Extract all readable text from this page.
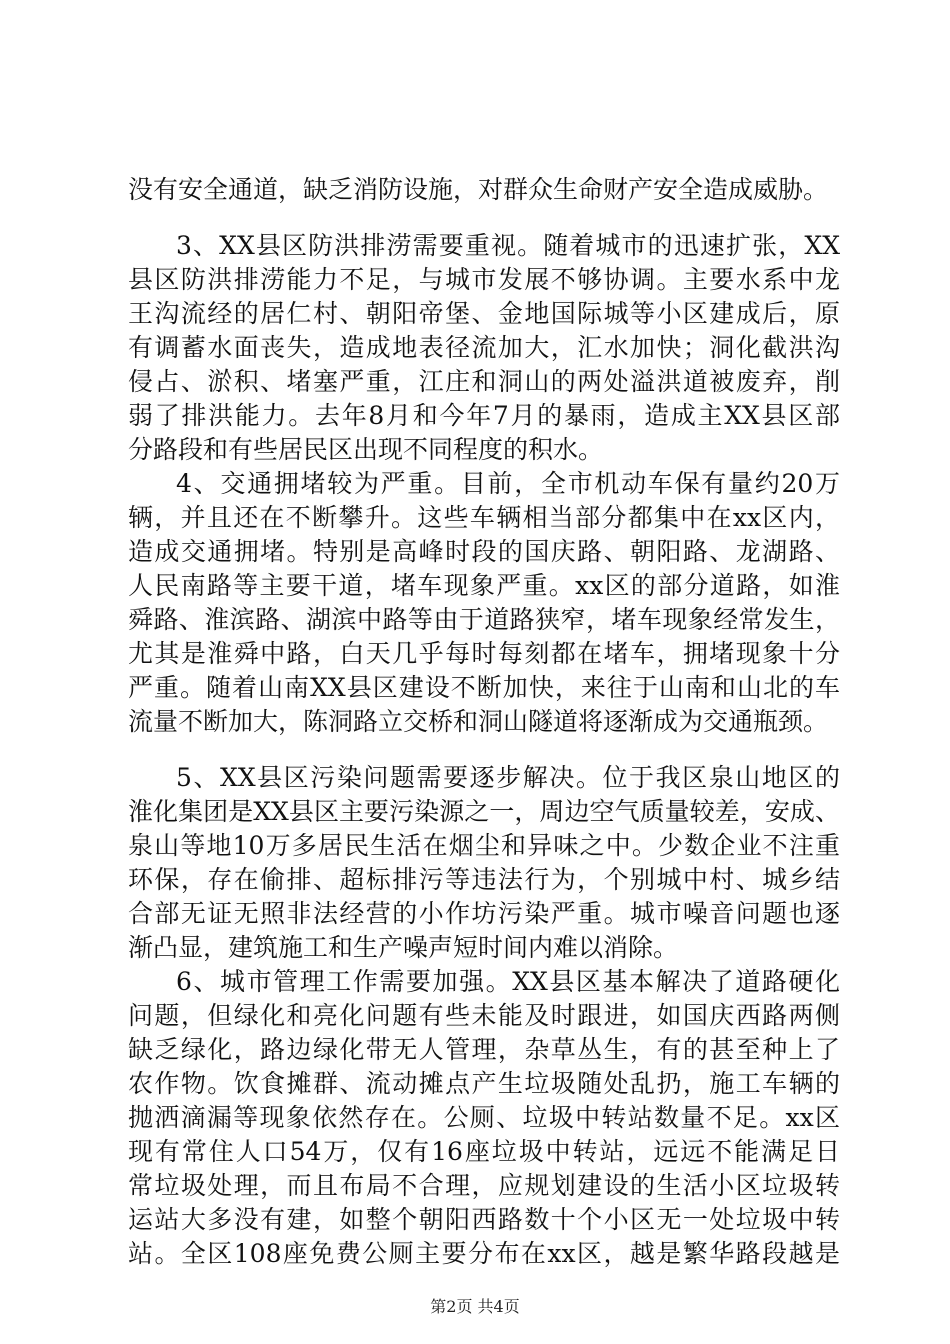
没有安全通道，缺乏消防设施，对群众生命财产安全造成威胁。
3、XX县区防洪排涝需要重视。随着城市的迅速扩张，XX
县区防洪排涝能力不足，与城市发展不够协调。主要水系中龙
王沟流经的居仁村、朝阳帝堡、金地国际城等小区建成后，原
有调蓄水面丧失，造成地表径流加大，汇水加快；洞化截洪沟
侵占、淤积、堵塞严重，江庄和洞山的两处溢洪道被废弃，削
弱了排洪能力。去年8月和今年7月的暴雨，造成主XX县区部
分路段和有些居民区出现不同程度的积水。
4、交通拥堵较为严重。目前，全市机动车保有量约20万
辆，并且还在不断攀升。这些车辆相当部分都集中在xx区内，
造成交通拥堵。特别是高峰时段的国庆路、朝阳路、龙湖路、
人民南路等主要干道，堵车现象严重。xx区的部分道路，如淮
舜路、淮滨路、湖滨中路等由于道路狭窄，堵车现象经常发生，
尤其是淮舜中路，白天几乎每时每刻都在堵车，拥堵现象十分
严重。随着山南XX县区建设不断加快，来往于山南和山北的车
流量不断加大，陈洞路立交桥和洞山隧道将逐渐成为交通瓶颈。
5、XX县区污染问题需要逐步解决。位于我区泉山地区的
淮化集团是XX县区主要污染源之一，周边空气质量较差，安成、
泉山等地10万多居民生活在烟尘和异味之中。少数企业不注重
环保，存在偷排、超标排污等违法行为，个别城中村、城乡结
合部无证无照非法经营的小作坊污染严重。城市噪音问题也逐
渐凸显，建筑施工和生产噪声短时间内难以消除。
6、城市管理工作需要加强。XX县区基本解决了道路硬化
问题，但绿化和亮化问题有些未能及时跟进，如国庆西路两侧
缺乏绿化，路边绿化带无人管理，杂草丛生，有的甚至种上了
农作物。饮食摊群、流动摊点产生垃圾随处乱扔，施工车辆的
抛洒滴漏等现象依然存在。公厕、垃圾中转站数量不足。xx区
现有常住人口54万，仅有16座垃圾中转站，远远不能满足日
常垃圾处理，而且布局不合理，应规划建设的生活小区垃圾转
运站大多没有建，如整个朝阳西路数十个小区无一处垃圾中转
站。全区108座免费公厕主要分布在xx区，越是繁华路段越是
第2页 共4页
